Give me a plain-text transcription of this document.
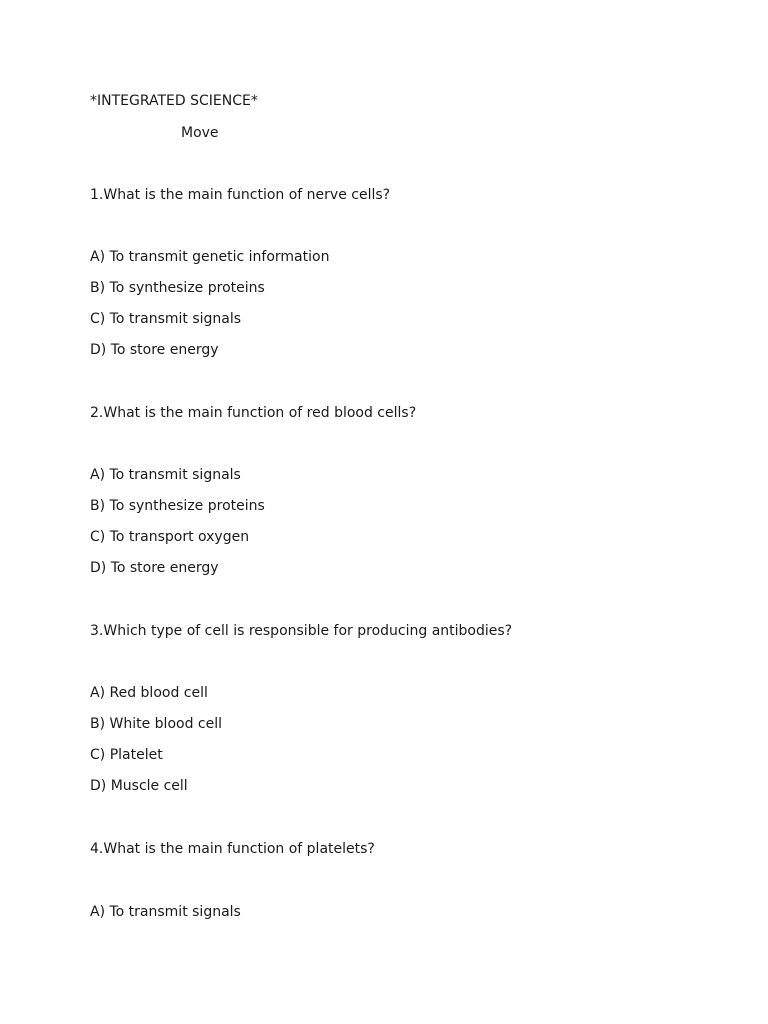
*INTEGRATED SCIENCE*
Move
1.What is the main function of nerve cells?
A) To transmit genetic information
B) To synthesize proteins
C) To transmit signals
D) To store energy
2.What is the main function of red blood cells?
A) To transmit signals
B) To synthesize proteins
C) To transport oxygen
D) To store energy
3.Which type of cell is responsible for producing antibodies?
A) Red blood cell
B) White blood cell
C) Platelet
D) Muscle cell
4.What is the main function of platelets?
A) To transmit signals
